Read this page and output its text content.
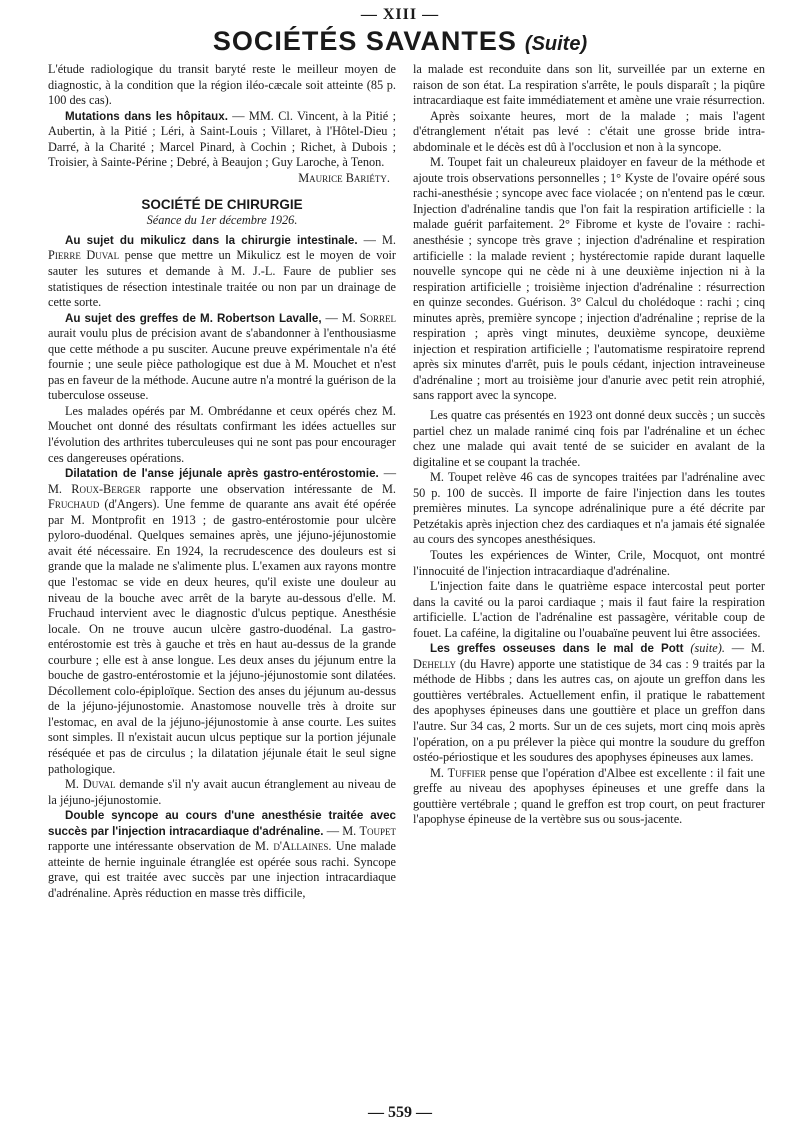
— XIII —
SOCIÉTÉS SAVANTES (Suite)

L'étude radiologique du transit baryté reste le meilleur moyen de diagnostic, à la condition que la région iléo-cæcale soit atteinte (85 p. 100 des cas).

Mutations dans les hôpitaux. — MM. Cl. Vincent, à la Pitié ; Aubertin, à la Pitié ; Léri, à Saint-Louis ; Villaret, à l'Hôtel-Dieu ; Darré, à la Charité ; Marcel Pinard, à Cochin ; Richet, à Dubois ; Troisier, à Sainte-Périne ; Debré, à Beaujon ; Guy Laroche, à Tenon.

Maurice Bariéty.

SOCIÉTÉ DE CHIRURGIE
Séance du 1er décembre 1926.

Au sujet du mikulicz dans la chirurgie intestinale. — M. Pierre Duval pense que mettre un Mikulicz est le moyen de voir sauter les sutures et demande à M. J.-L. Faure de publier ses statistiques de résection intestinale traitée ou non par un drainage de cette sorte.

Au sujet des greffes de M. Robertson Lavalle, — M. Sorrel aurait voulu plus de précision avant de s'abandonner à l'enthousiasme que cette méthode a pu susciter. Aucune preuve expérimentale n'a été fournie ; une seule pièce pathologique est due à M. Mouchet et n'est pas en faveur de la méthode. Aucune autre n'a montré la guérison de la tuberculose osseuse.

Les malades opérés par M. Ombrédanne et ceux opérés chez M. Mouchet ont donné des résultats confirmant les idées actuelles sur l'évolution des arthrites tuberculeuses qui ne sont pas pour encourager ces dangereuses opérations.

Dilatation de l'anse jéjunale après gastro-entérostomie. — M. Roux-Berger rapporte une observation intéressante de M. Fruchaud (d'Angers). Une femme de quarante ans avait été opérée par M. Montprofit en 1913 ; de gastro-entérostomie pour ulcère pyloro-duodénal. Quelques semaines après, une jéjuno-jéjunostomie avait été nécessaire. En 1924, la recrudescence des douleurs est si grande que la malade ne s'alimente plus. L'examen aux rayons montre que l'estomac se vide en deux heures, qu'il existe une douleur au niveau de la bouche avec arrêt de la baryte au-dessous d'elle. M. Fruchaud intervient avec le diagnostic d'ulcus peptique. Anesthésie locale. On ne trouve aucun ulcère gastro-duodénal. La gastro-entérostomie est très à gauche et très en haut au-dessus de la grande courbure ; elle est à anse longue. Les deux anses du jéjunum entre la bouche de gastro-entérostomie et la jéjuno-jéjunostomie sont dilatées. Décollement colo-épiploïque. Section des anses du jéjunum au-dessus de la jéjuno-jéjunostomie. Anastomose nouvelle très à droite sur l'estomac, en aval de la jéjuno-jéjunostomie à anse courte. Les suites sont simples. Il n'existait aucun ulcus peptique sur la portion jéjunale réséquée et pas de circulus ; la dilatation jéjunale était le seul signe pathologique.

M. Duval demande s'il n'y avait aucun étranglement au niveau de la jéjuno-jéjunostomie.

Double syncope au cours d'une anesthésie traitée avec succès par l'injection intracardiaque d'adrénaline. — M. Toupet rapporte une intéressante observation de M. d'Allaines. Une malade atteinte de hernie inguinale étranglée est opérée sous rachi. Syncope grave, qui est traitée avec succès par une injection intracardiaque d'adrénaline. Après réduction en masse très difficile,

la malade est reconduite dans son lit, surveillée par un externe en raison de son état. La respiration s'arrête, le pouls disparaît ; la piqûre intracardiaque est faite immédiatement et amène une vraie résurrection.

Après soixante heures, mort de la malade ; mais l'agent d'étranglement n'était pas levé : c'était une grosse bride intra-abdominale et le décès est dû à l'occlusion et non à la syncope.

M. Toupet fait un chaleureux plaidoyer en faveur de la méthode et ajoute trois observations personnelles ; 1° Kyste de l'ovaire opéré sous rachi-anesthésie ; syncope avec face violacée ; on n'entend pas le cœur. Injection d'adrénaline tandis que l'on fait la respiration artificielle : la malade guérit parfaitement. 2° Fibrome et kyste de l'ovaire : rachi-anesthésie ; syncope très grave ; injection d'adrénaline et respiration artificielle : la malade revient ; hystérectomie rapide durant laquelle nouvelle syncope qui ne cède ni à une deuxième injection ni à la respiration artificielle ; troisième injection d'adrénaline : résurrection en quinze secondes. Guérison. 3° Calcul du cholédoque : rachi ; cinq minutes après, première syncope ; injection d'adrénaline ; reprise de la respiration ; après vingt minutes, deuxième syncope, deuxième injection et respiration artificielle ; l'automatisme respiratoire reprend après six minutes d'arrêt, puis le pouls cédant, injection intraveineuse d'adrénaline ; mort au troisième jour d'anurie avec petit rein atrophié, sans rapport avec la syncope.

Les quatre cas présentés en 1923 ont donné deux succès ; un succès partiel chez un malade ranimé cinq fois par l'adrénaline et un échec chez une malade qui avait tenté de se suicider en avalant de la digitaline et se coupant la trachée.

M. Toupet relève 46 cas de syncopes traitées par l'adrénaline avec 50 p. 100 de succès. Il importe de faire l'injection dans les toutes premières minutes. La syncope adrénalinique pure a été décrite par Petzétakis après injection chez des cardiaques et n'a jamais été signalée au cours des syncopes anesthésiques.

Toutes les expériences de Winter, Crile, Mocquot, ont montré l'innocuité de l'injection intracardiaque d'adrénaline.

L'injection faite dans le quatrième espace intercostal peut porter dans la cavité ou la paroi cardiaque ; mais il faut faire la respiration artificielle. L'action de l'adrénaline est passagère, véritable coup de fouet. La caféine, la digitaline ou l'ouabaïne peuvent lui être associées.

Les greffes osseuses dans le mal de Pott (suite). — M. Dehelly (du Havre) apporte une statistique de 34 cas : 9 traités par la méthode de Hibbs ; dans les autres cas, on ajoute un greffon dans les gouttières vertébrales. Actuellement enfin, il pratique le rabattement des apophyses épineuses dans une gouttière et place un greffon dans l'autre. Sur 34 cas, 2 morts. Sur un de ces sujets, mort cinq mois après l'opération, on a pu prélever la pièce qui montre la soudure du greffon ostéo-périostique et les soudures des apophyses épineuses aux lames.

M. Tuffier pense que l'opération d'Albee est excellente : il fait une greffe au niveau des apophyses épineuses et une greffe dans la gouttière vertébrale ; quand le greffon est trop court, on peut fracturer l'apophyse épineuse de la vertèbre sus ou sous-jacente.

— 559 —
